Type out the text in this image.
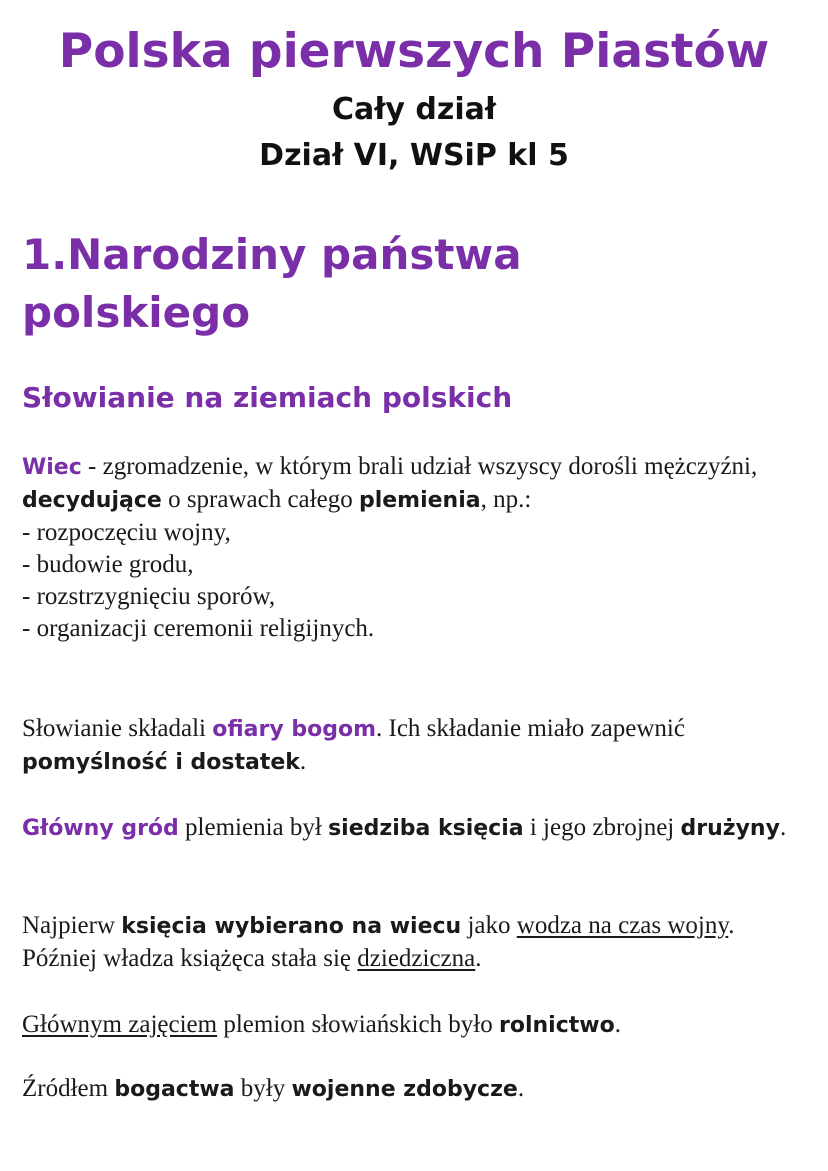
Polska pierwszych Piastów
Cały dział
Dział VI, WSiP kl 5
1.Narodziny państwa
polskiego
Słowianie na ziemiach polskich

Wiec - zgromadzenie, w którym brali udział wszyscy dorośli mężczyźni, decydujące o sprawach całego plemienia, np.:
- rozpoczęciu wojny,
- budowie grodu,
- rozstrzygnięciu sporów,
- organizacji ceremonii religijnych.

Słowianie składali ofiary bogom. Ich składanie miało zapewnić pomyślność i dostatek.

Główny gród plemienia był siedziba księcia i jego zbrojnej drużyny.

Najpierw księcia wybierano na wiecu jako wodza na czas wojny. Później władza książęca stała się dziedziczna.

Głównym zajęciem plemion słowiańskich było rolnictwo.

Źródłem bogactwa były wojenne zdobycze.
